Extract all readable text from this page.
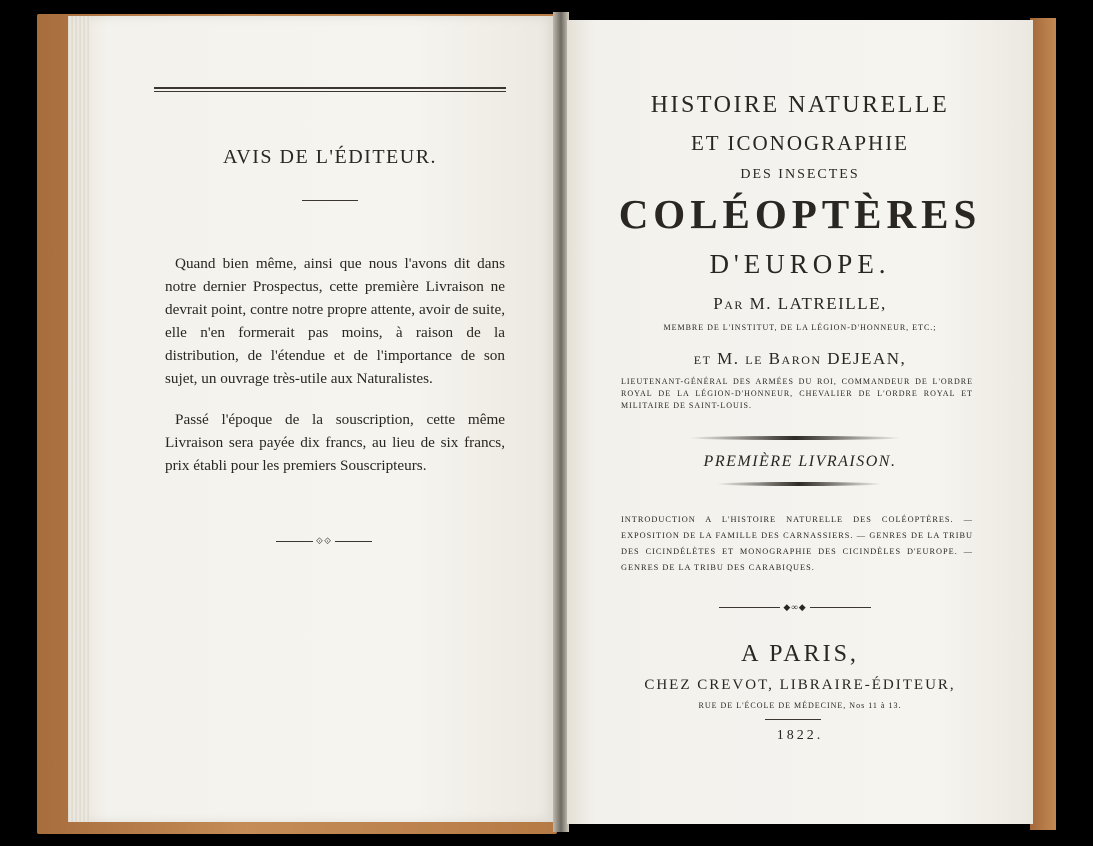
AVIS DE L'ÉDITEUR.

Quand bien même, ainsi que nous l'avons dit dans notre dernier Prospectus, cette première Livraison ne devrait point, contre notre propre attente, avoir de suite, elle n'en formerait pas moins, à raison de la distribution, de l'étendue et de l'importance de son sujet, un ouvrage très-utile aux Naturalistes.

Passé l'époque de la souscription, cette même Livraison sera payée dix francs, au lieu de six francs, prix établi pour les premiers Souscripteurs.

⟐⟐
HISTOIRE NATURELLE
ET ICONOGRAPHIE
DES INSECTES
COLÉOPTÈRES
D'EUROPE.
Par M. LATREILLE,
MEMBRE DE L'INSTITUT, DE LA LÉGION-D'HONNEUR, ETC.;
et M. le Baron DEJEAN,
LIEUTENANT-GÉNÉRAL DES ARMÉES DU ROI, COMMANDEUR DE L'ORDRE ROYAL DE LA LÉGION-D'HONNEUR, CHEVALIER DE L'ORDRE ROYAL ET MILITAIRE DE SAINT-LOUIS.
PREMIÈRE LIVRAISON.
INTRODUCTION A L'HISTOIRE NATURELLE DES COLÉOPTÈRES. — EXPOSITION DE LA FAMILLE DES CARNASSIERS. — GENRES DE LA TRIBU DES CICINDÉLÈTES ET MONOGRAPHIE DES CICINDÈLES D'EUROPE. — GENRES DE LA TRIBU DES CARABIQUES.
◆∞◆
A PARIS,
CHEZ CREVOT, LIBRAIRE-ÉDITEUR,
RUE DE L'ÉCOLE DE MÉDECINE, Nos 11 à 13.
1822.
